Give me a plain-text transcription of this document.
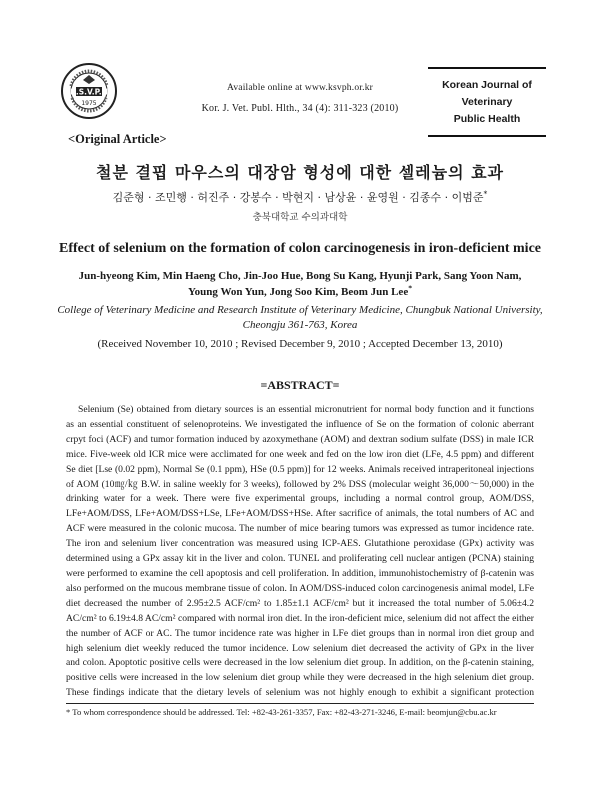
K.S.V.P.H
1975
Available online at www.ksvph.or.kr
Kor. J. Vet. Publ. Hlth., 34 (4): 311-323 (2010)
Korean Journal of
Veterinary
Public Health
<Original Article>
철분 결핍 마우스의 대장암 형성에 대한 셀레늄의 효과
김준형 · 조민행 · 허진주 · 강봉수 · 박현지 · 남상윤 · 윤영원 · 김종수 · 이범준*
충북대학교 수의과대학
Effect of selenium on the formation of colon carcinogenesis in iron-deficient mice
Jun-hyeong Kim, Min Haeng Cho, Jin-Joo Hue, Bong Su Kang, Hyunji Park, Sang Yoon Nam,
Young Won Yun, Jong Soo Kim, Beom Jun Lee*
College of Veterinary Medicine and Research Institute of Veterinary Medicine, Chungbuk National University,
Cheongju 361-763, Korea
(Received November 10, 2010 ; Revised December 9, 2010 ; Accepted December 13, 2010)
=ABSTRACT=
Selenium (Se) obtained from dietary sources is an essential micronutrient for normal body function and it functions
as an essential constituent of selenoproteins. We investigated the influence of Se on the formation of colonic aberrant
crpyt foci (ACF) and tumor formation induced by azoxymethane (AOM) and dextran sodium sulfate (DSS) in male ICR
mice. Five-week old ICR mice were acclimated for one week and fed on the low iron diet (LFe, 4.5 ppm) and different
Se diet [Lse (0.02 ppm), Normal Se (0.1 ppm), HSe (0.5 ppm)] for 12 weeks. Animals received intraperitoneal injections
of AOM (10㎎/㎏ B.W. in saline weekly for 3 weeks), followed by 2% DSS (molecular weight 36,000～50,000) in the
drinking water for a week. There were five experimental groups, including a normal control group, AOM/DSS,
LFe+AOM/DSS, LFe+AOM/DSS+LSe, LFe+AOM/DSS+HSe. After sacrifice of animals, the total numbers of AC and
ACF were measured in the colonic mucosa. The number of mice bearing tumors was expressed as tumor incidence rate.
The iron and selenium liver concentration was measured using ICP-AES. Glutathione peroxidase (GPx) activity was
determined using a GPx assay kit in the liver and colon. TUNEL and proliferating cell nuclear antigen (PCNA) staining
were performed to examine the cell apoptosis and cell proliferation. In addition, immunohistochemistry of β-catenin was
also performed on the mucous membrane tissue of colon. In AOM/DSS-induced colon carcinogenesis animal model, LFe
diet decreased the number of 2.95±2.5 ACF/cm² to 1.85±1.1 ACF/cm² but it increased the total number of 5.06±4.2
AC/cm² to 6.19±4.8 AC/cm² compared with normal iron diet. In the iron-deficient mice, selenium did not affect the either
the number of ACF or AC. The tumor incidence rate was higher in LFe diet groups than in normal iron diet group and
high selenium diet weekly reduced the tumor incidence. Low selenium diet decreased the activity of GPx in the liver
and colon. Apoptotic positive cells were decreased in the low selenium diet group. In addition, on the β-catenin staining,
positive cells were increased in the low selenium diet group while they were decreased in the high selenium diet group.
These findings indicate that the dietary levels of selenium was not highly enough to exhibit a significant protection
* To whom correspondence should be addressed. Tel: +82-43-261-3357, Fax: +82-43-271-3246, E-mail: beomjun@cbu.ac.kr
